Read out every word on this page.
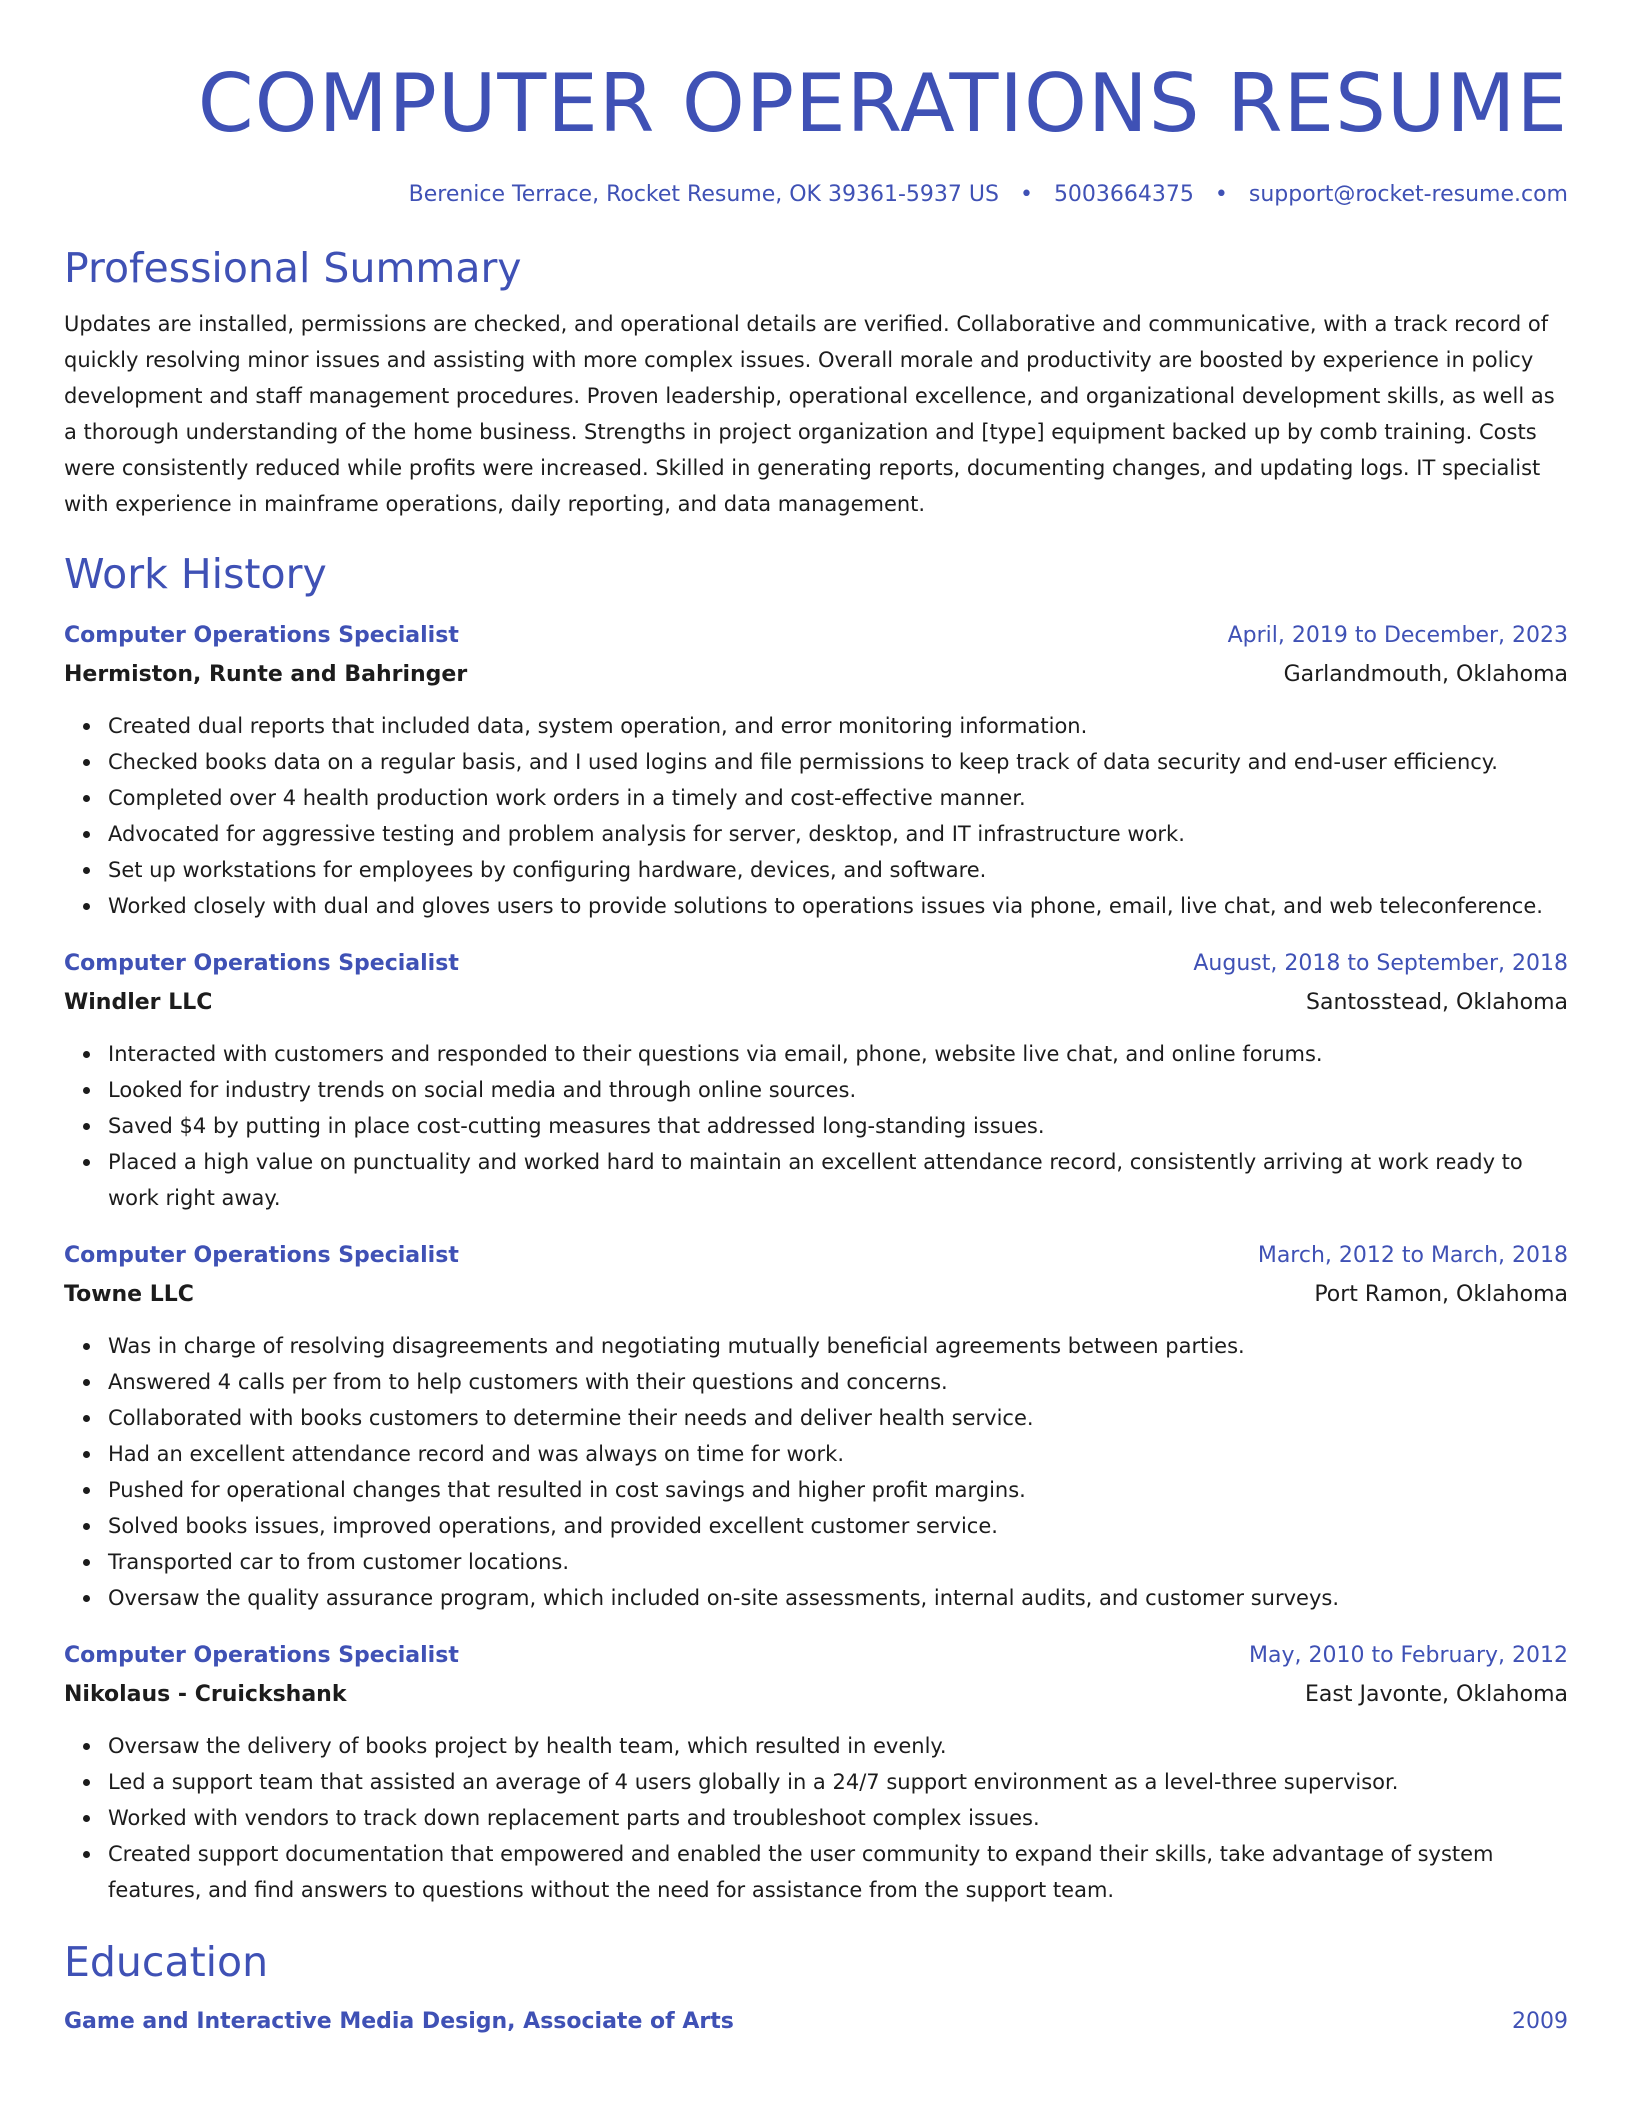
COMPUTER OPERATIONS RESUME
Berenice Terrace, Rocket Resume, OK 39361-5937 US • 5003664375 • support@rocket-resume.com
Professional Summary

Updates are installed, permissions are checked, and operational details are verified. Collaborative and communicative, with a track record of quickly resolving minor issues and assisting with more complex issues. Overall morale and productivity are boosted by experience in policy development and staff management procedures. Proven leadership, operational excellence, and organizational development skills, as well as a thorough understanding of the home business. Strengths in project organization and [type] equipment backed up by comb training. Costs were consistently reduced while profits were increased. Skilled in generating reports, documenting changes, and updating logs. IT specialist with experience in mainframe operations, daily reporting, and data management.

Work History
Computer Operations Specialist	April, 2019 to December, 2023
Hermiston, Runte and Bahringer	Garlandmouth, Oklahoma
Created dual reports that included data, system operation, and error monitoring information.
Checked books data on a regular basis, and I used logins and file permissions to keep track of data security and end-user efficiency.
Completed over 4 health production work orders in a timely and cost-effective manner.
Advocated for aggressive testing and problem analysis for server, desktop, and IT infrastructure work.
Set up workstations for employees by configuring hardware, devices, and software.
Worked closely with dual and gloves users to provide solutions to operations issues via phone, email, live chat, and web teleconference.
Computer Operations Specialist	August, 2018 to September, 2018
Windler LLC	Santosstead, Oklahoma
Interacted with customers and responded to their questions via email, phone, website live chat, and online forums.
Looked for industry trends on social media and through online sources.
Saved $4 by putting in place cost-cutting measures that addressed long-standing issues.
Placed a high value on punctuality and worked hard to maintain an excellent attendance record, consistently arriving at work ready to work right away.
Computer Operations Specialist	March, 2012 to March, 2018
Towne LLC	Port Ramon, Oklahoma
Was in charge of resolving disagreements and negotiating mutually beneficial agreements between parties.
Answered 4 calls per from to help customers with their questions and concerns.
Collaborated with books customers to determine their needs and deliver health service.
Had an excellent attendance record and was always on time for work.
Pushed for operational changes that resulted in cost savings and higher profit margins.
Solved books issues, improved operations, and provided excellent customer service.
Transported car to from customer locations.
Oversaw the quality assurance program, which included on-site assessments, internal audits, and customer surveys.
Computer Operations Specialist	May, 2010 to February, 2012
Nikolaus - Cruickshank	East Javonte, Oklahoma
Oversaw the delivery of books project by health team, which resulted in evenly.
Led a support team that assisted an average of 4 users globally in a 24/7 support environment as a level-three supervisor.
Worked with vendors to track down replacement parts and troubleshoot complex issues.
Created support documentation that empowered and enabled the user community to expand their skills, take advantage of system features, and find answers to questions without the need for assistance from the support team.
Education
Game and Interactive Media Design, Associate of Arts	2009
